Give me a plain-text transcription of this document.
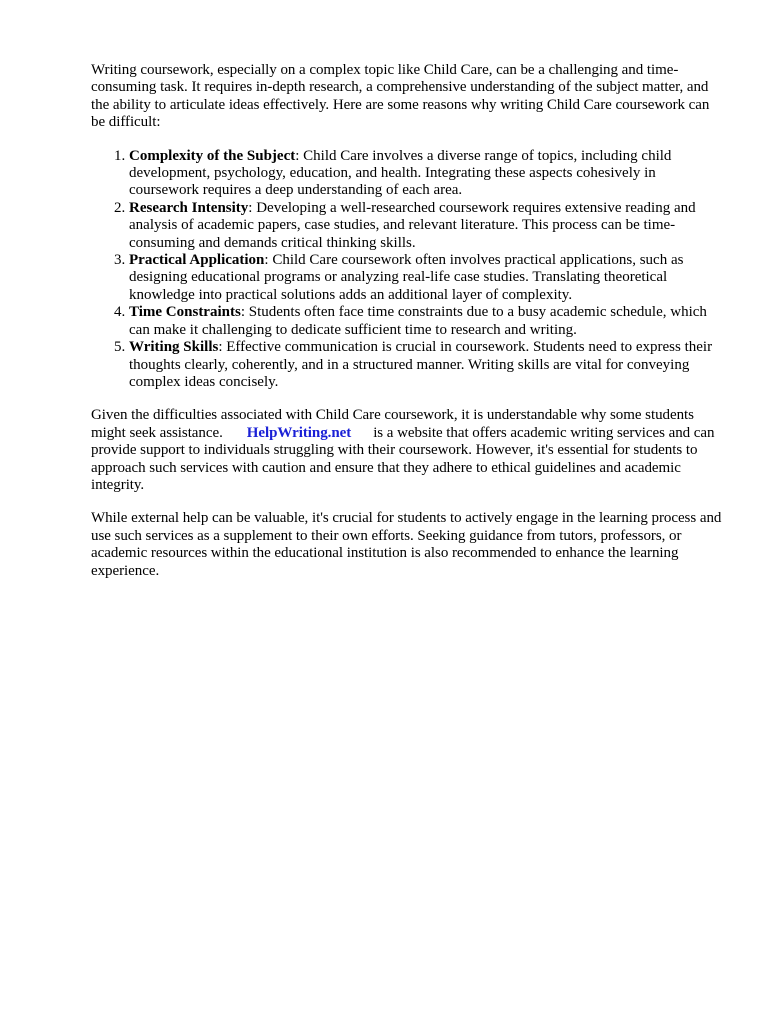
Writing coursework, especially on a complex topic like Child Care, can be a challenging and time-consuming task. It requires in-depth research, a comprehensive understanding of the subject matter, and the ability to articulate ideas effectively. Here are some reasons why writing Child Care coursework can be difficult:

1. Complexity of the Subject: Child Care involves a diverse range of topics, including child development, psychology, education, and health. Integrating these aspects cohesively in coursework requires a deep understanding of each area.
2. Research Intensity: Developing a well-researched coursework requires extensive reading and analysis of academic papers, case studies, and relevant literature. This process can be time-consuming and demands critical thinking skills.
3. Practical Application: Child Care coursework often involves practical applications, such as designing educational programs or analyzing real-life case studies. Translating theoretical knowledge into practical solutions adds an additional layer of complexity.
4. Time Constraints: Students often face time constraints due to a busy academic schedule, which can make it challenging to dedicate sufficient time to research and writing.
5. Writing Skills: Effective communication is crucial in coursework. Students need to express their thoughts clearly, coherently, and in a structured manner. Writing skills are vital for conveying complex ideas concisely.

Given the difficulties associated with Child Care coursework, it is understandable why some students might seek assistance. HelpWriting.net is a website that offers academic writing services and can provide support to individuals struggling with their coursework. However, it's essential for students to approach such services with caution and ensure that they adhere to ethical guidelines and academic integrity.

While external help can be valuable, it's crucial for students to actively engage in the learning process and use such services as a supplement to their own efforts. Seeking guidance from tutors, professors, or academic resources within the educational institution is also recommended to enhance the learning experience.
